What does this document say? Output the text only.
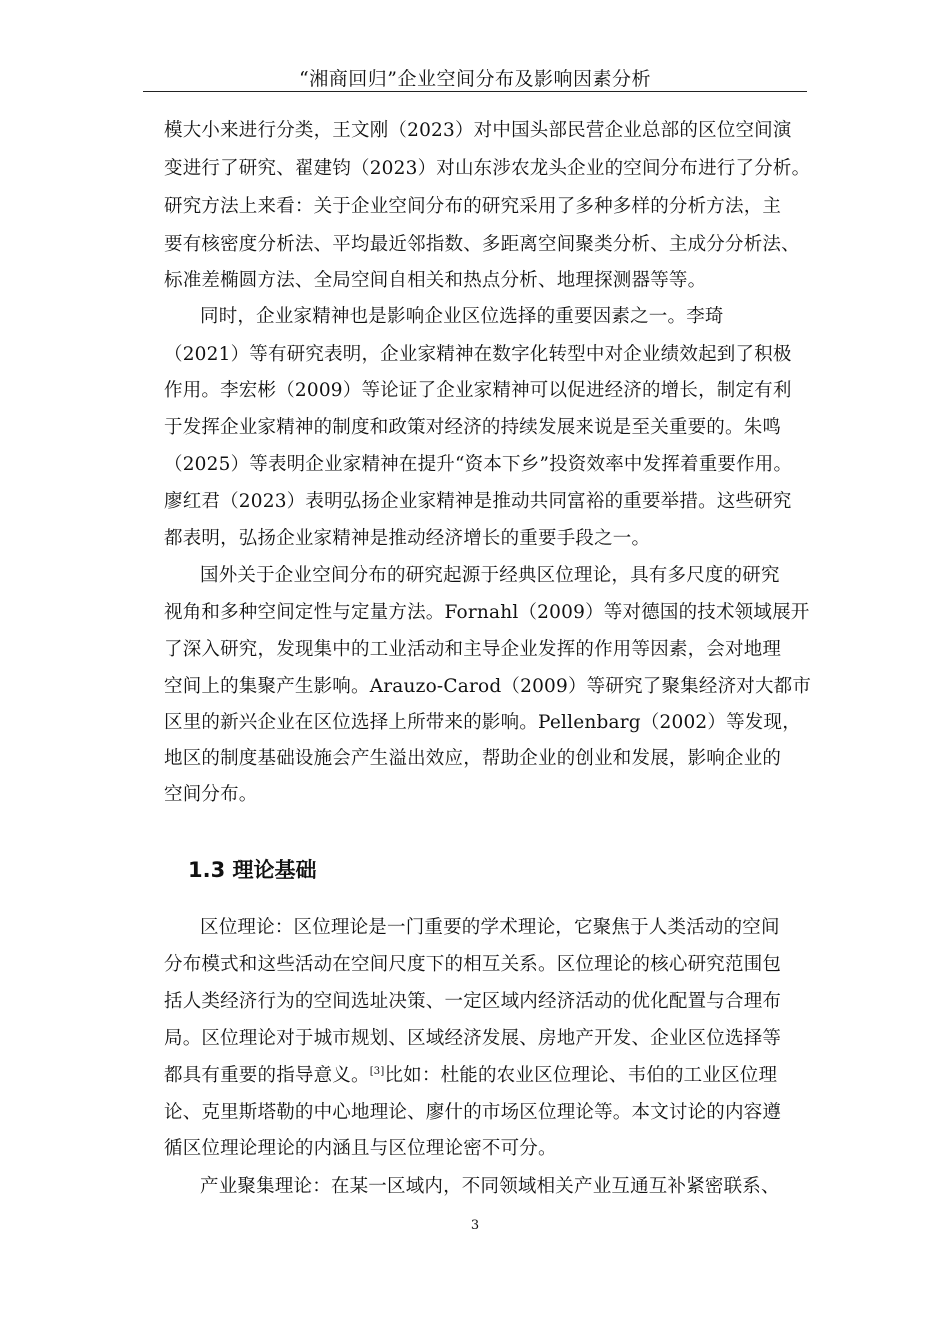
“湘商回归”企业空间分布及影响因素分析
模大小来进行分类，王文刚（2023）对中国头部民营企业总部的区位空间演
变进行了研究、翟建钧（2023）对山东涉农龙头企业的空间分布进行了分析。
研究方法上来看：关于企业空间分布的研究采用了多种多样的分析方法，主
要有核密度分析法、平均最近邻指数、多距离空间聚类分析、主成分分析法、
标准差椭圆方法、全局空间自相关和热点分析、地理探测器等等。
同时，企业家精神也是影响企业区位选择的重要因素之一。李琦
（2021）等有研究表明，企业家精神在数字化转型中对企业绩效起到了积极
作用。李宏彬（2009）等论证了企业家精神可以促进经济的增长，制定有利
于发挥企业家精神的制度和政策对经济的持续发展来说是至关重要的。朱鸣
（2025）等表明企业家精神在提升“资本下乡”投资效率中发挥着重要作用。
廖红君（2023）表明弘扬企业家精神是推动共同富裕的重要举措。这些研究
都表明，弘扬企业家精神是推动经济增长的重要手段之一。
国外关于企业空间分布的研究起源于经典区位理论，具有多尺度的研究
视角和多种空间定性与定量方法。Fornahl（2009）等对德国的技术领域展开
了深入研究，发现集中的工业活动和主导企业发挥的作用等因素，会对地理
空间上的集聚产生影响。Arauzo-Carod（2009）等研究了聚集经济对大都市
区里的新兴企业在区位选择上所带来的影响。Pellenbarg（2002）等发现，
地区的制度基础设施会产生溢出效应，帮助企业的创业和发展，影响企业的
空间分布。
1.3 理论基础
区位理论：区位理论是一门重要的学术理论，它聚焦于人类活动的空间
分布模式和这些活动在空间尺度下的相互关系。区位理论的核心研究范围包
括人类经济行为的空间选址决策、一定区域内经济活动的优化配置与合理布
局。区位理论对于城市规划、区域经济发展、房地产开发、企业区位选择等
都具有重要的指导意义。[3]比如：杜能的农业区位理论、韦伯的工业区位理
论、克里斯塔勒的中心地理论、廖什的市场区位理论等。本文讨论的内容遵
循区位理论理论的内涵且与区位理论密不可分。
产业聚集理论：在某一区域内，不同领域相关产业互通互补紧密联系、
3
